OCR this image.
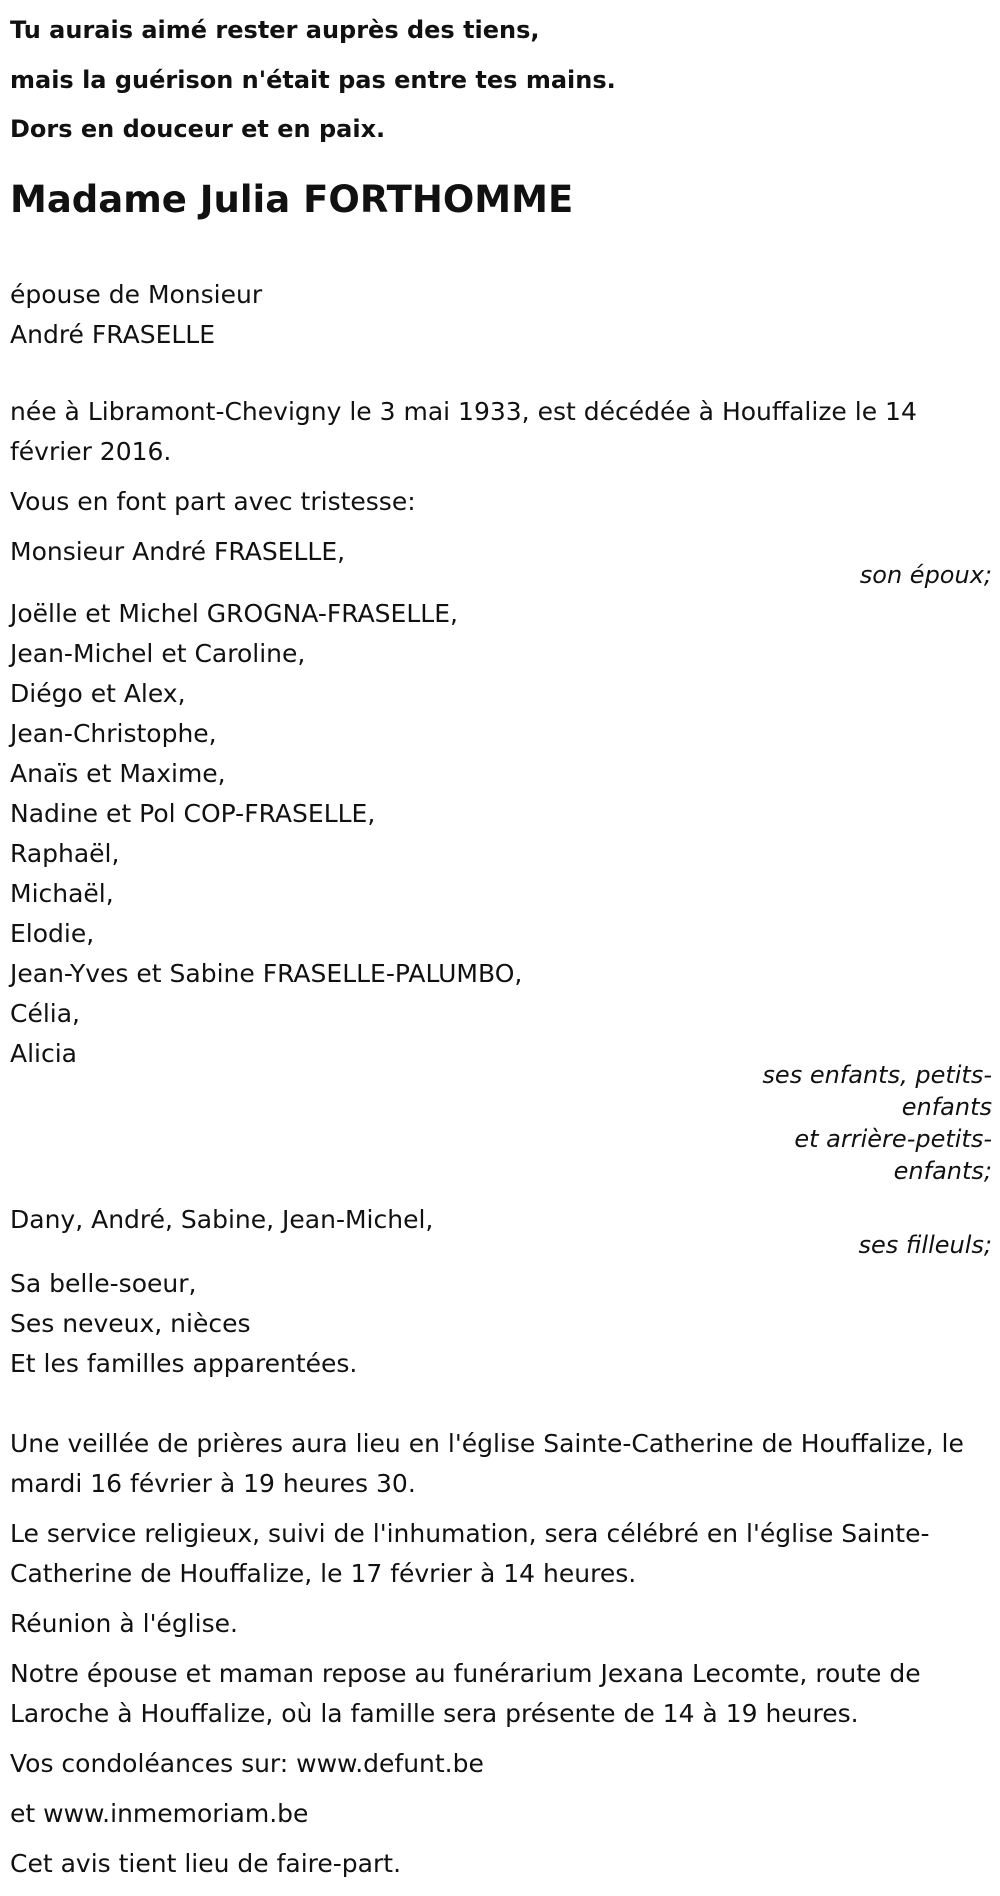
Tu aurais aimé rester auprès des tiens,
mais la guérison n'était pas entre tes mains.
Dors en douceur et en paix.
Madame Julia FORTHOMME
épouse de Monsieur
André FRASELLE
née à Libramont-Chevigny le 3 mai 1933, est décédée à Houffalize le 14 février 2016.
Vous en font part avec tristesse:
Monsieur André FRASELLE,
son époux;
Joëlle et Michel GROGNA-FRASELLE,
Jean-Michel et Caroline,
Diégo et Alex,
Jean-Christophe,
Anaïs et Maxime,
Nadine et Pol COP-FRASELLE,
Raphaël,
Michaël,
Elodie,
Jean-Yves et Sabine FRASELLE-PALUMBO,
Célia,
Alicia
ses enfants, petits-enfants
et arrière-petits-enfants;
Dany, André, Sabine, Jean-Michel,
ses filleuls;
Sa belle-soeur,
Ses neveux, nièces
Et les familles apparentées.
Une veillée de prières aura lieu en l'église Sainte-Catherine de Houffalize, le mardi 16 février à 19 heures 30.
Le service religieux, suivi de l'inhumation, sera célébré en l'église Sainte-Catherine de Houffalize, le 17 février à 14 heures.
Réunion à l'église.
Notre épouse et maman repose au funérarium Jexana Lecomte, route de Laroche à Houffalize, où la famille sera présente de 14 à 19 heures.
Vos condoléances sur: www.defunt.be
et www.inmemoriam.be
Cet avis tient lieu de faire-part.
